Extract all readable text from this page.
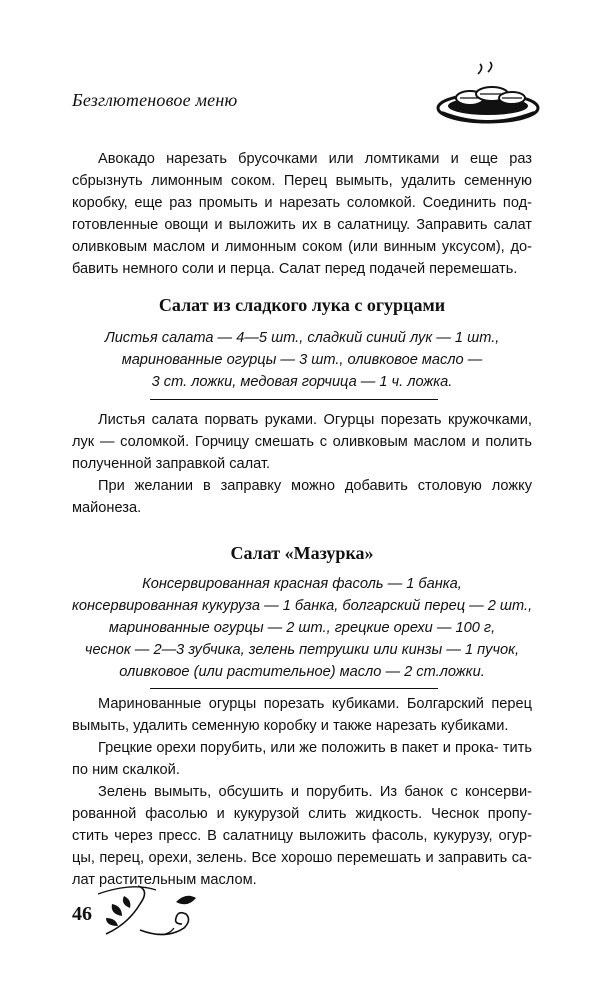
Безглютеновое меню

Авокадо нарезать брусочками или ломтиками и еще раз сбрызнуть лимонным соком. Перец вымыть, удалить семенную коробку, еще раз промыть и нарезать соломкой. Соединить под- готовленные овощи и выложить их в салатницу. Заправить салат оливковым маслом и лимонным соком (или винным уксусом), до- бавить немного соли и перца. Салат перед подачей перемешать.

Салат из сладкого лука с огурцами
Листья салата — 4—5 шт., сладкий синий лук — 1 шт.,
маринованные огурцы — 3 шт., оливковое масло —
3 ст. ложки, медовая горчица — 1 ч. ложка.

Листья салата порвать руками. Огурцы порезать кружочками, лук — соломкой. Горчицу смешать с оливковым маслом и полить полученной заправкой салат.

При желании в заправку можно добавить столовую ложку майонеза.

Салат «Мазурка»
Консервированная красная фасоль — 1 банка,
консервированная кукуруза — 1 банка, болгарский перец — 2 шт.,
маринованные огурцы — 2 шт., грецкие орехи — 100 г,
чеснок — 2—3 зубчика, зелень петрушки или кинзы — 1 пучок,
оливковое (или растительное) масло — 2 ст.ложки.

Маринованные огурцы порезать кубиками. Болгарский перец вымыть, удалить семенную коробку и также нарезать кубиками.

Грецкие орехи порубить, или же положить в пакет и прока- тить по ним скалкой.

Зелень вымыть, обсушить и порубить. Из банок с консерви- рованной фасолью и кукурузой слить жидкость. Чеснок пропу- стить через пресс. В салатницу выложить фасоль, кукурузу, огур- цы, перец, орехи, зелень. Все хорошо перемешать и заправить са- лат растительным маслом.

46
